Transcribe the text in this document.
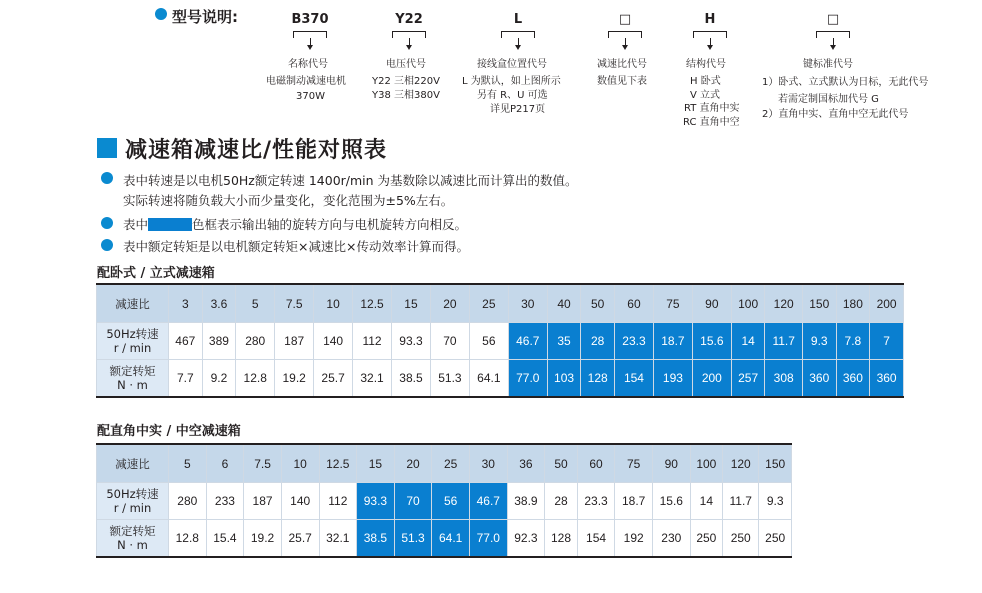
型号说明:	B370	Y22	L	□	H	□
名称代号
电磁制动减速电机
370W
电压代号
Y22 三相220V
Y38 三相380V
接线盒位置代号
L 为默认，如上图所示
另有 R、U 可选
详见P217页
减速比代号
数值见下表
结构代号
H 卧式
V 立式
RT 直角中实
RC 直角中空
键标准代号
1）卧式、立式默认为日标，无此代号
若需定制国标加代号 G
2）直角中实、直角中空无此代号
减速箱减速比/性能对照表
表中转速是以电机50Hz额定转速 1400r/min 为基数除以减速比而计算出的数值。
实际转速将随负载大小而少量变化，变化范围为±5%左右。
表中	色框表示输出轴的旋转方向与电机旋转方向相反。
表中额定转矩是以电机额定转矩×减速比×传动效率计算而得。
配卧式 / 立式减速箱
减速比	3	3.6	5	7.5	10	12.5	15	20	25	30	40	50	60	75	90	100	120	150	180	200
50Hz转速
r / min	467	389	280	187	140	112	93.3	70	56	46.7	35	28	23.3	18.7	15.6	14	11.7	9.3	7.8	7
额定转矩
N · m	7.7	9.2	12.8	19.2	25.7	32.1	38.5	51.3	64.1	77.0	103	128	154	193	200	257	308	360	360	360
配直角中实 / 中空减速箱
减速比	5	6	7.5	10	12.5	15	20	25	30	36	50	60	75	90	100	120	150
50Hz转速
r / min	280	233	187	140	112	93.3	70	56	46.7	38.9	28	23.3	18.7	15.6	14	11.7	9.3
额定转矩
N · m	12.8	15.4	19.2	25.7	32.1	38.5	51.3	64.1	77.0	92.3	128	154	192	230	250	250	250
